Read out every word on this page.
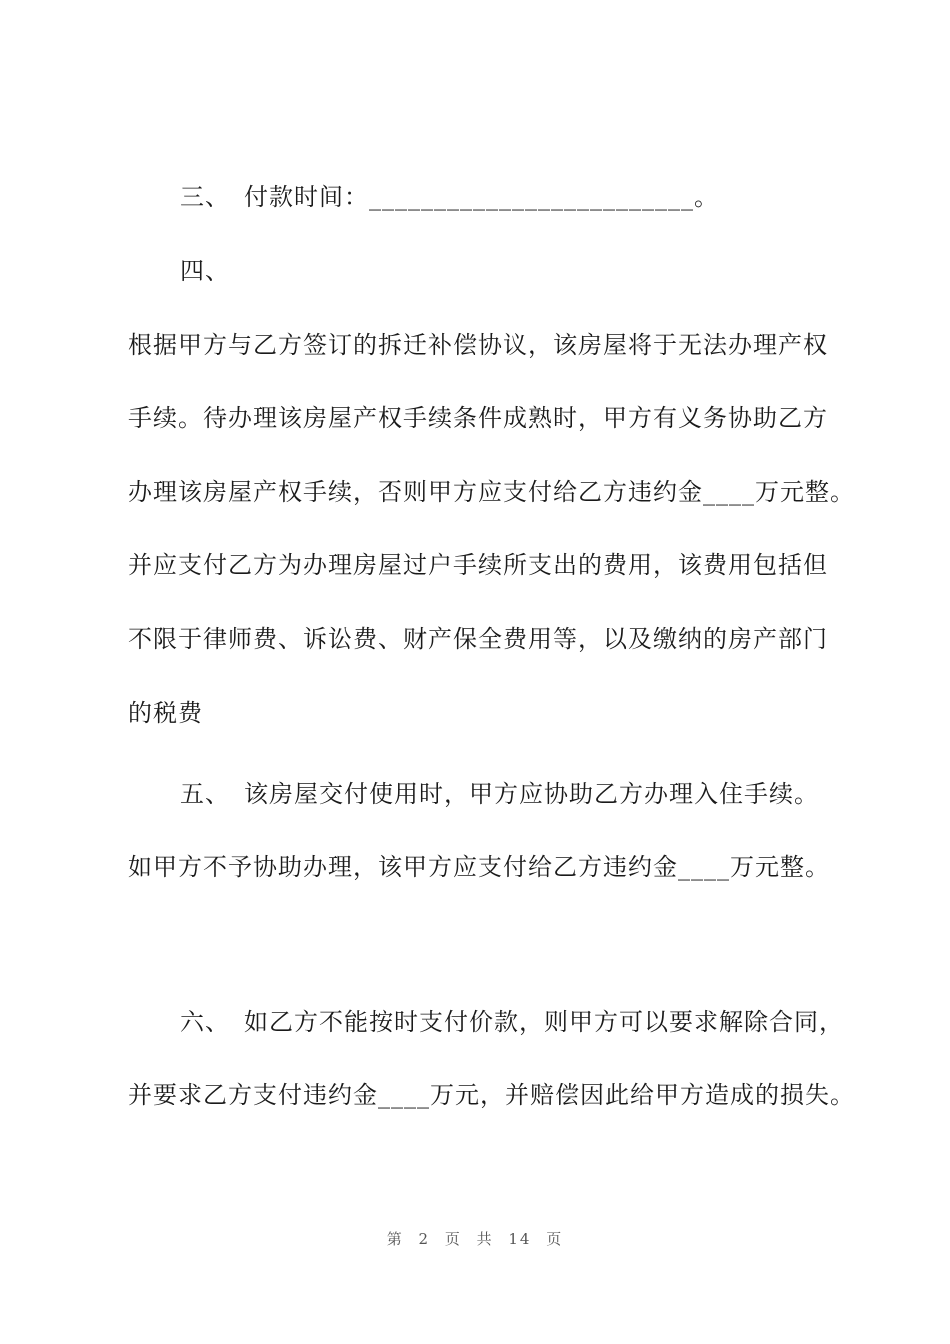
三、 付款时间：_________________________。
四、
根据甲方与乙方签订的拆迁补偿协议，该房屋将于无法办理产权
手续。待办理该房屋产权手续条件成熟时，甲方有义务协助乙方
办理该房屋产权手续，否则甲方应支付给乙方违约金____万元整。
并应支付乙方为办理房屋过户手续所支出的费用，该费用包括但
不限于律师费、诉讼费、财产保全费用等，以及缴纳的房产部门
的税费
五、 该房屋交付使用时，甲方应协助乙方办理入住手续。
如甲方不予协助办理，该甲方应支付给乙方违约金____万元整。
六、 如乙方不能按时支付价款，则甲方可以要求解除合同，
并要求乙方支付违约金____万元，并赔偿因此给甲方造成的损失。
第 2 页 共 14 页
